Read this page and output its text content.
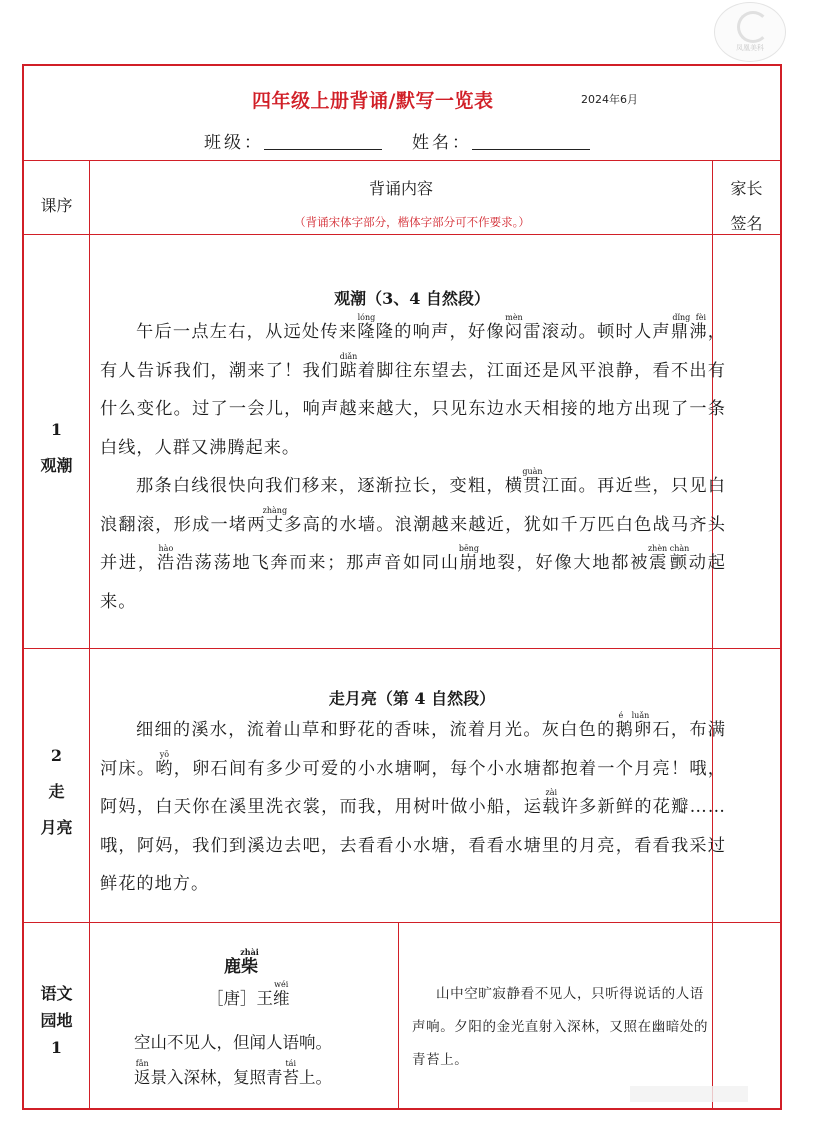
凤凰美科
四年级上册背诵/默写一览表	2024年6月
班级：	姓名：
课序
背诵内容
（背诵宋体字部分，楷体字部分可不作要求。）
家长
签名
1
观潮
观潮（3、4 自然段）

午后一点左右，从远处传来隆lóng隆的响声，好像闷mèn雷滚动。顿时人声鼎沸dǐng fèi，有人告诉我们，潮来了！我们踮diǎn着脚往东望去，江面还是风平浪静，看不出有什么变化。过了一会儿，响声越来越大，只见东边水天相接的地方出现了一条白线，人群又沸腾起来。

那条白线很快向我们移来，逐渐拉长，变粗，横贯guàn江面。再近些，只见白浪翻滚，形成一堵两丈zhàng多高的水墙。浪潮越来越近，犹如千万匹白色战马齐头并进，浩hào浩荡荡地飞奔而来；那声音如同山崩bēng地裂，好像大地都被震颤zhèn chàn动起来。

2
走
月亮
走月亮（第 4 自然段）

细细的溪水，流着山草和野花的香味，流着月光。灰白色的鹅卵é luǎn石，布满河床。哟yō，卵石间有多少可爱的小水塘啊，每个小水塘都抱着一个月亮！哦，阿妈，白天你在溪里洗衣裳，而我，用树叶做小船，运载zài许多新鲜的花瓣……哦，阿妈，我们到溪边去吧，去看看小水塘，看看水塘里的月亮，看看我采过鲜花的地方。

语文
园地
1
鹿柴zhài
［唐］王维wéi
空山不见人，但闻人语响。
返fǎn景入深林，复照青苔tái上。

山中空旷寂静看不见人，只听得说话的人语声响。夕阳的金光直射入深林，又照在幽暗处的青苔上。
